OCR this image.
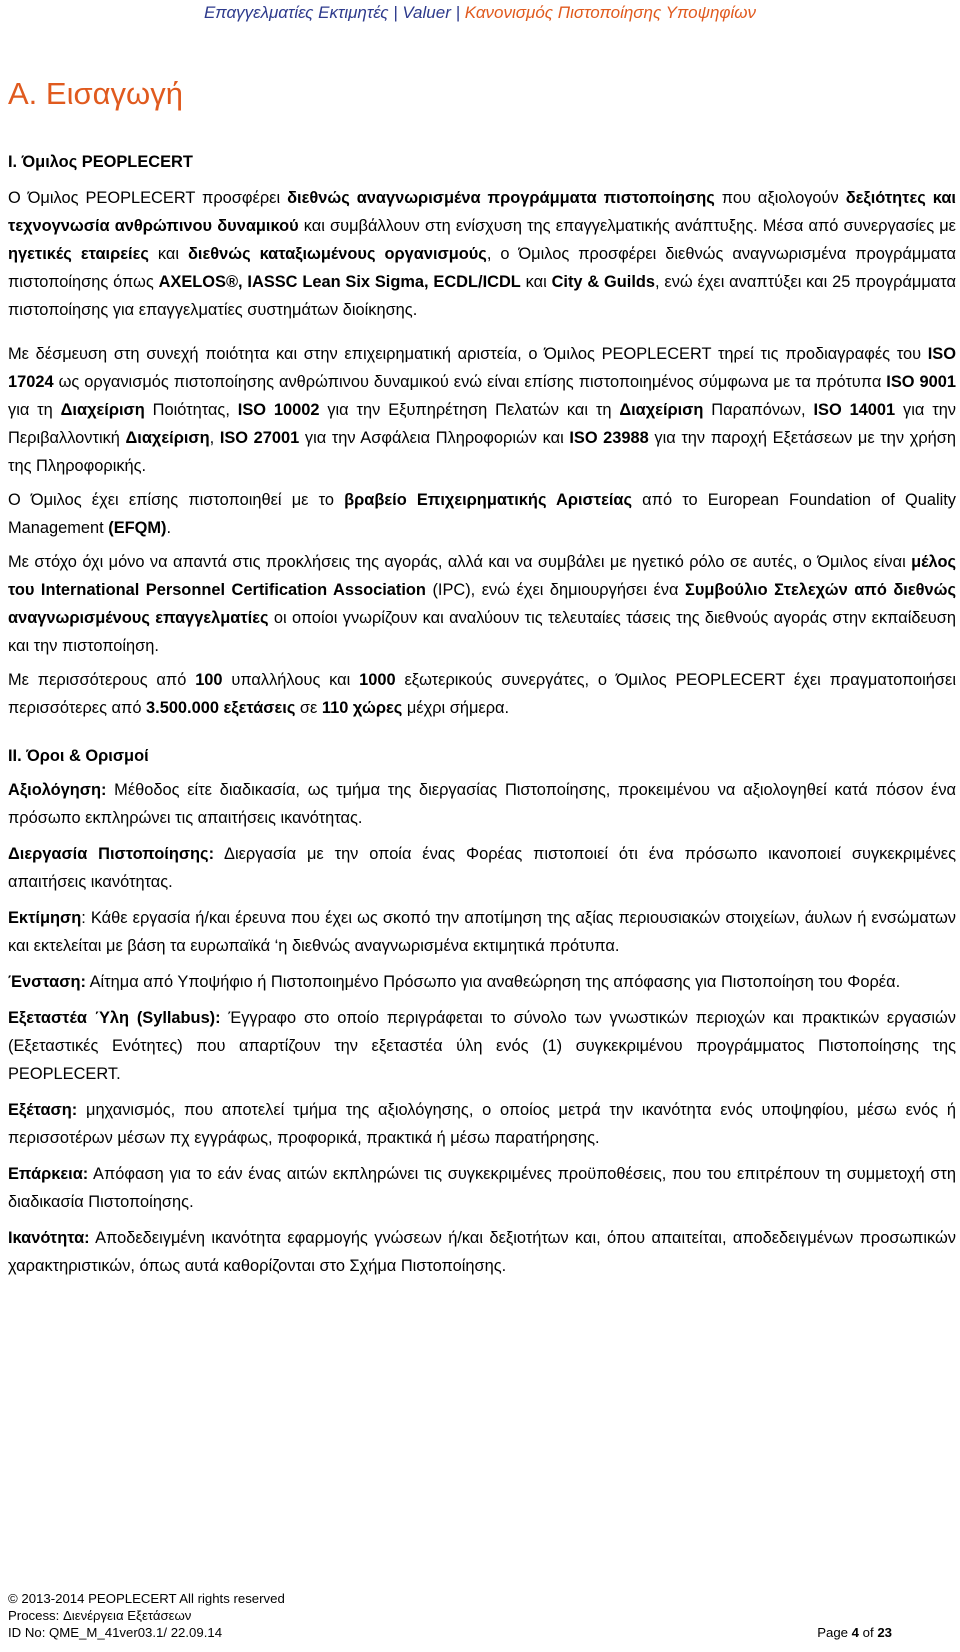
Επαγγελματίες Εκτιμητές | Valuer | Κανονισμός Πιστοποίησης Υποψηφίων
Α. Εισαγωγή

I. Όμιλος PEOPLECERT

Ο Όμιλος PEOPLECERT προσφέρει διεθνώς αναγνωρισμένα προγράμματα πιστοποίησης που αξιολογούν δεξιότητες και τεχνογνωσία ανθρώπινου δυναμικού και συμβάλλουν στη ενίσχυση της επαγγελματικής ανάπτυξης. Μέσα από συνεργασίες με ηγετικές εταιρείες και διεθνώς καταξιωμένους οργανισμούς, ο Όμιλος προσφέρει διεθνώς αναγνωρισμένα προγράμματα πιστοποίησης όπως AXELOS®, IASSC Lean Six Sigma, ECDL/ICDL και City & Guilds, ενώ έχει αναπτύξει και 25 προγράμματα πιστοποίησης για επαγγελματίες συστημάτων διοίκησης.

Με δέσμευση στη συνεχή ποιότητα και στην επιχειρηματική αριστεία, ο Όμιλος PEOPLECERT τηρεί τις προδιαγραφές του ISO 17024 ως οργανισμός πιστοποίησης ανθρώπινου δυναμικού ενώ είναι επίσης πιστοποιημένος σύμφωνα με τα πρότυπα ISO 9001 για τη Διαχείριση Ποιότητας, ISO 10002 για την Εξυπηρέτηση Πελατών και τη Διαχείριση Παραπόνων, ISO 14001 για την Περιβαλλοντική Διαχείριση, ISO 27001 για την Ασφάλεια Πληροφοριών και ISO 23988 για την παροχή Εξετάσεων με την χρήση της Πληροφορικής.

Ο Όμιλος έχει επίσης πιστοποιηθεί με το βραβείο Επιχειρηματικής Αριστείας από το European Foundation of Quality Management (EFQM).

Με στόχο όχι μόνο να απαντά στις προκλήσεις της αγοράς, αλλά και να συμβάλει με ηγετικό ρόλο σε αυτές, ο Όμιλος είναι μέλος του International Personnel Certification Association (IPC), ενώ έχει δημιουργήσει ένα Συμβούλιο Στελεχών από διεθνώς αναγνωρισμένους επαγγελματίες οι οποίοι γνωρίζουν και αναλύουν τις τελευταίες τάσεις της διεθνούς αγοράς στην εκπαίδευση και την πιστοποίηση.

Με περισσότερους από 100 υπαλλήλους και 1000 εξωτερικούς συνεργάτες, ο Όμιλος PEOPLECERT έχει πραγματοποιήσει περισσότερες από 3.500.000 εξετάσεις σε 110 χώρες μέχρι σήμερα.

II. Όροι & Ορισμοί

Αξιολόγηση: Μέθοδος είτε διαδικασία, ως τμήμα της διεργασίας Πιστοποίησης, προκειμένου να αξιολογηθεί κατά πόσον ένα πρόσωπο εκπληρώνει τις απαιτήσεις ικανότητας.

Διεργασία Πιστοποίησης: Διεργασία με την οποία ένας Φορέας πιστοποιεί ότι ένα πρόσωπο ικανοποιεί συγκεκριμένες απαιτήσεις ικανότητας.

Εκτίμηση: Κάθε εργασία ή/και έρευνα που έχει ως σκοπό την αποτίμηση της αξίας περιουσιακών στοιχείων, άυλων ή ενσώματων και εκτελείται με βάση τα ευρωπαϊκά ‘η διεθνώς αναγνωρισμένα εκτιμητικά πρότυπα.

Ένσταση: Αίτημα από Υποψήφιο ή Πιστοποιημένο Πρόσωπο για αναθεώρηση της απόφασης για Πιστοποίηση του Φορέα.

Εξεταστέα Ύλη (Syllabus): Έγγραφο στο οποίο περιγράφεται το σύνολο των γνωστικών περιοχών και πρακτικών εργασιών (Εξεταστικές Ενότητες) που απαρτίζουν την εξεταστέα ύλη ενός (1) συγκεκριμένου προγράμματος Πιστοποίησης της PEOPLECERT.

Εξέταση: μηχανισμός, που αποτελεί τμήμα της αξιολόγησης, ο οποίος μετρά την ικανότητα ενός υποψηφίου, μέσω ενός ή περισσοτέρων μέσων πχ εγγράφως, προφορικά, πρακτικά ή μέσω παρατήρησης.

Επάρκεια: Απόφαση για το εάν ένας αιτών εκπληρώνει τις συγκεκριμένες προϋποθέσεις, που του επιτρέπουν τη συμμετοχή στη διαδικασία Πιστοποίησης.

Ικανότητα: Αποδεδειγμένη ικανότητα εφαρμογής γνώσεων ή/και δεξιοτήτων και, όπου απαιτείται, αποδεδειγμένων προσωπικών χαρακτηριστικών, όπως αυτά καθορίζονται στο Σχήμα Πιστοποίησης.

© 2013-2014 PEOPLECERT All rights reserved
Process: Διενέργεια Εξετάσεων
ID No: QME_M_41ver03.1/ 22.09.14	Page 4 of 23
